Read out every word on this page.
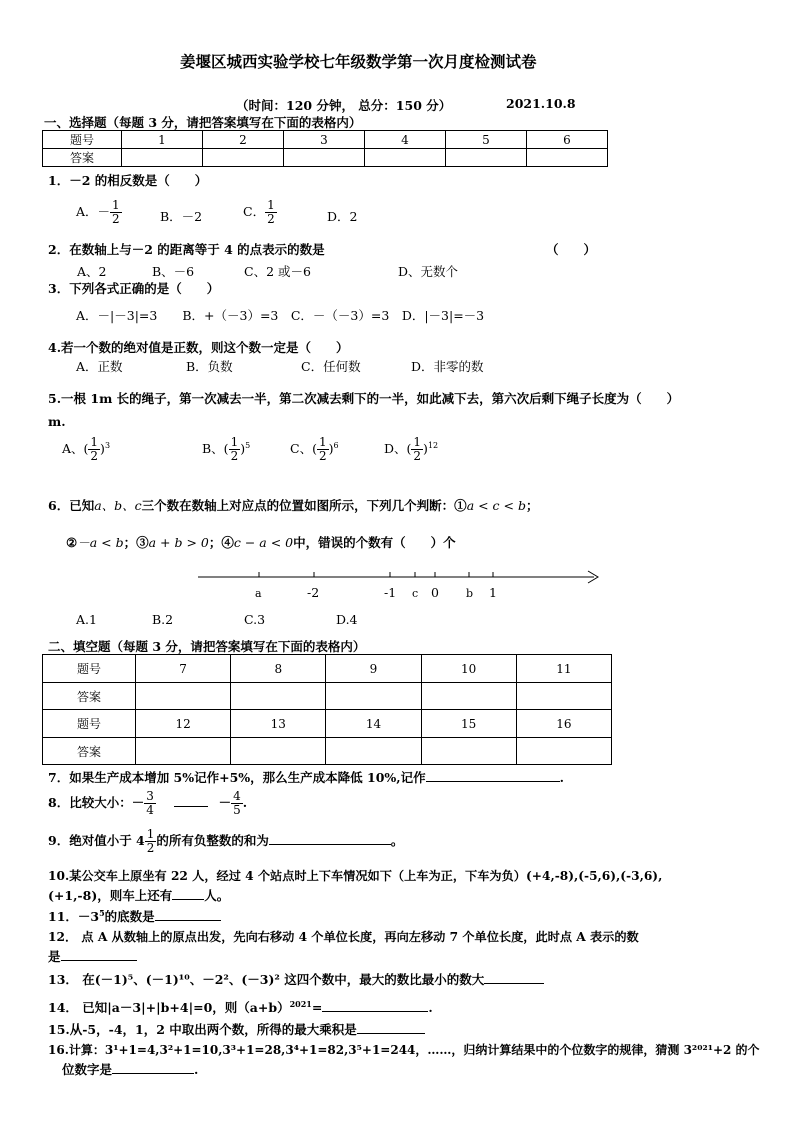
姜堰区城西实验学校七年级数学第一次月度检测试卷
（时间：120 分钟， 总分：150 分）	2021.10.8
一、选择题（每题 3 分，请把答案填写在下面的表格内）
题号	1	2	3	4	5	6
答案						
1．－2 的相反数是（　　）
A．－ $\frac{1}{2}$	B．－2	C． $\frac{1}{2}$	D．2
2．在数轴上与－2 的距离等于 4 的点表示的数是	（　　）
A、2	B、－6	C、2 或－6	D、无数个
3．下列各式正确的是（　　）
A．－|－3|=3　　B．+（－3）=3　C．－（－3）=3　D．|－3|=－3
4.若一个数的绝对值是正数，则这个数一定是（　　）
A．正数	B．负数	C．任何数	D．非零的数
5.一根 1m 长的绳子，第一次减去一半，第二次减去剩下的一半，如此减下去，第六次后剩下绳子长度为（　　）
m.
A、( $\frac{1}{2} )^3$	B、( $\frac{1}{2} )^5$	C、( $\frac{1}{2} )^6$	D、( $\frac{1}{2} )^{12}$
6．已知a、b、c三个数在数轴上对应点的位置如图所示，下列几个判断：①a < c < b；
②－a < b；③a + b > 0；④c − a < 0中，错误的个数有（　　）个
a	-2	-1 c 0 b 1
A.1	B.2	C.3	D.4
二、填空题（每题 3 分，请把答案填写在下面的表格内）
题号	7	8	9	10	11
答案					
题号	12	13	14	15	16
答案					
7．如果生产成本增加 5%记作+5%，那么生产成本降低 10%,记作	.
8．比较大小：－ $\frac{3}{4}$	－ $\frac{4}{5}$ .
9．绝对值小于 $4 \frac{1}{2}$ 的所有负整数的和为	。
10.某公交车上原坐有 22 人，经过 4 个站点时上下车情况如下（上车为正，下车为负）(+4,-8),(-5,6),(-3,6),
(+1,-8)，则车上还有	人。
11．$-3^5$的底数是
12． 点 A 从数轴上的原点出发，先向右移动 4 个单位长度，再向左移动 7 个单位长度，此时点 A 表示的数
是
13． 在(－1)⁵、(－1)¹⁰、－2²、(－3)² 这四个数中，最大的数比最小的数大
14． 已知|a－3|+|b+4|=0，则$(a+b)^{2021}=$	.
15.从-5，-4，1，2 中取出两个数，所得的最大乘积是
16.计算：3¹+1=4,3²+1=10,3³+1=28,3⁴+1=82,3⁵+1=244，……，归纳计算结果中的个位数字的规律，猜测 3²⁰²¹+2 的个
位数字是	.
